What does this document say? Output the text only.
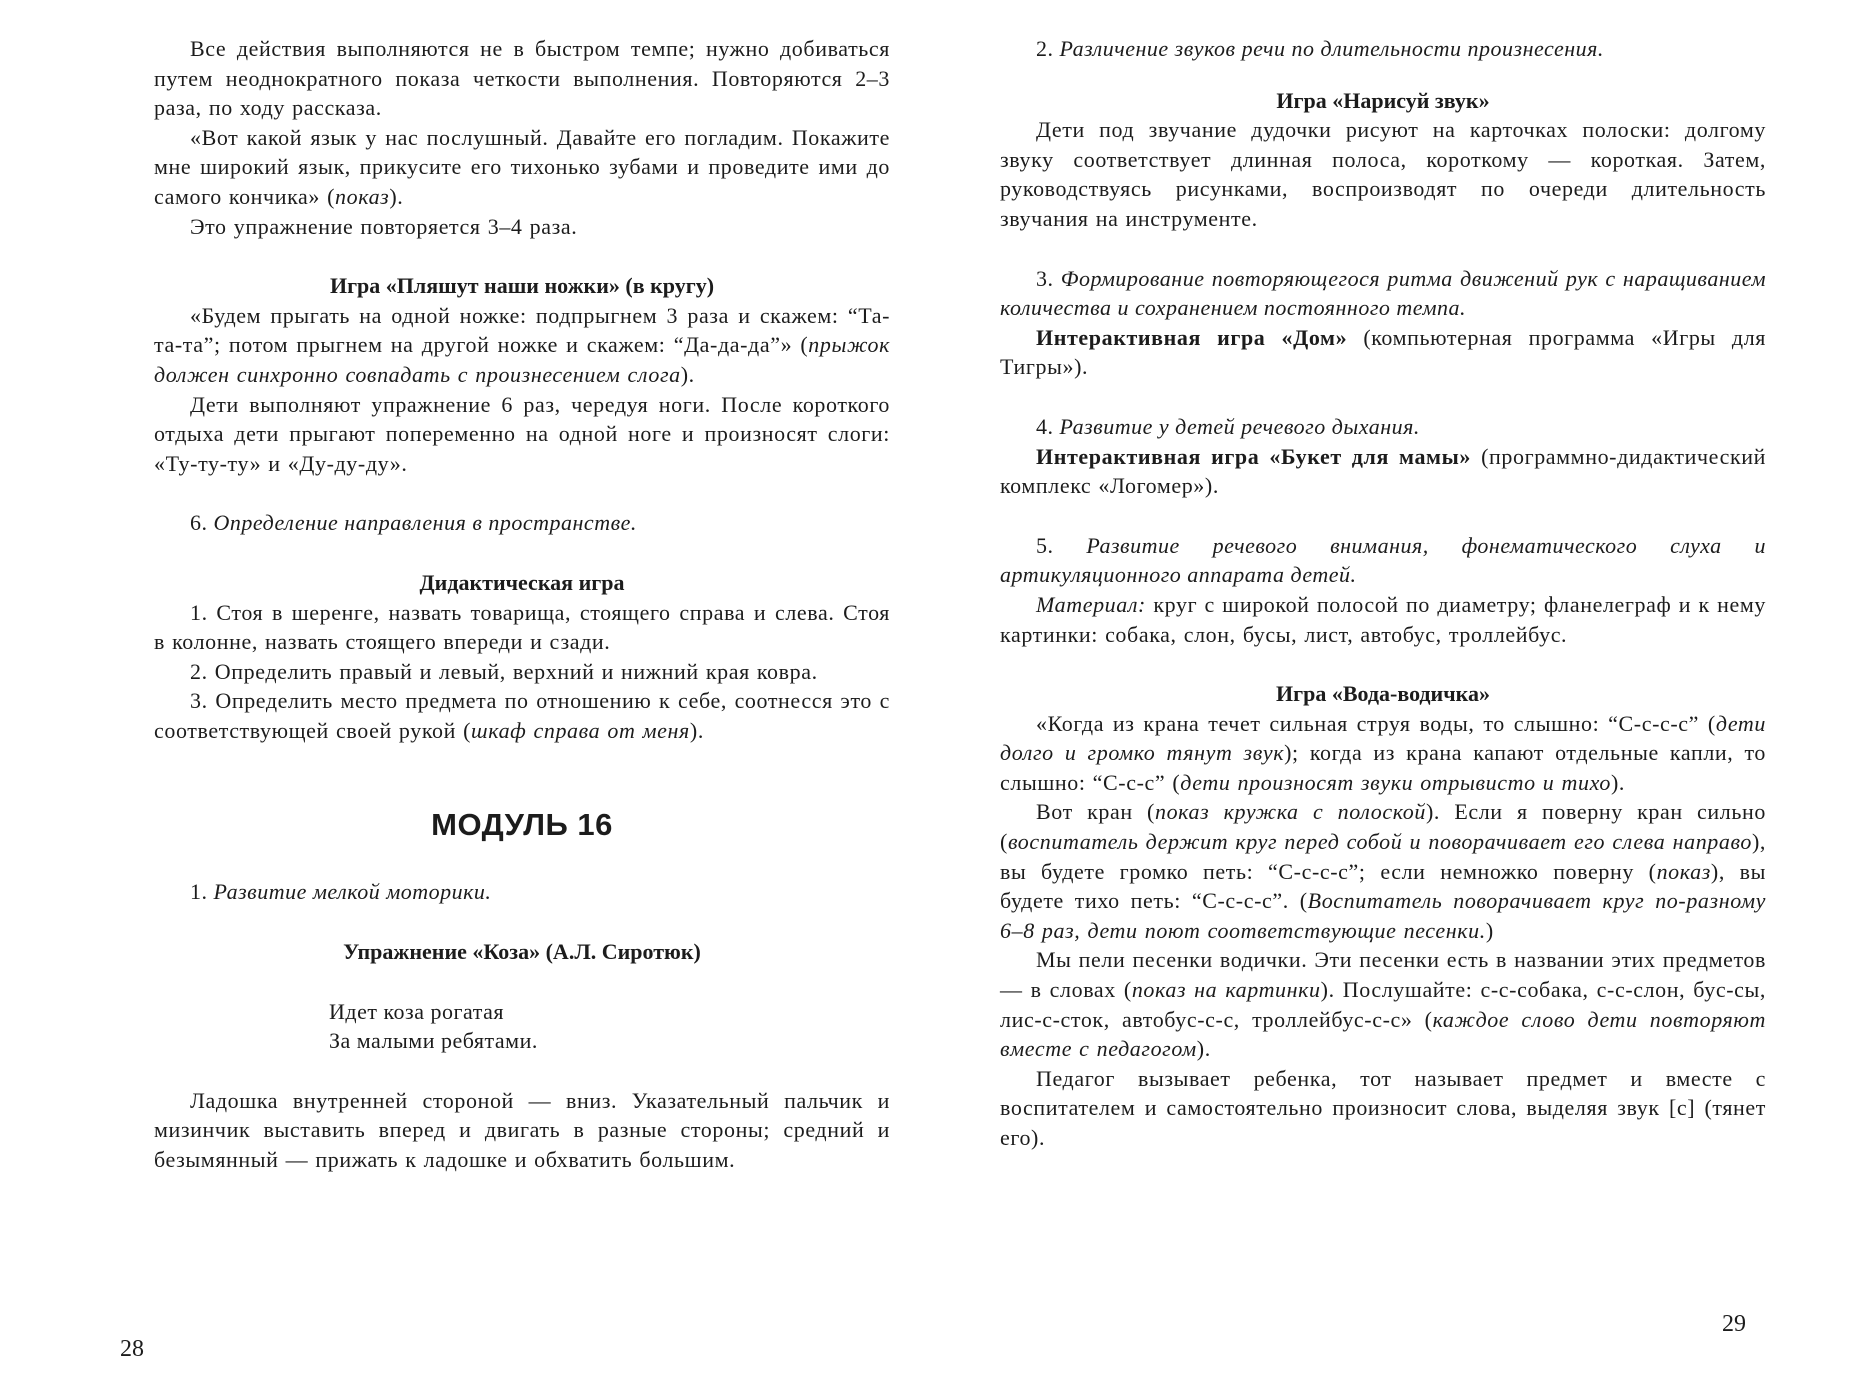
Все действия выполняются не в быстром темпе; нужно добиваться путем неоднократного показа четкости выполнения. Повторяются 2–3 раза, по ходу рассказа.

«Вот какой язык у нас послушный. Давайте его погладим. Покажите мне широкий язык, прикусите его тихонько зубами и проведите ими до самого кончика» (показ).

Это упражнение повторяется 3–4 раза.

Игра «Пляшут наши ножки» (в кругу)

«Будем прыгать на одной ножке: подпрыгнем 3 раза и скажем: “Та-та-та”; потом прыгнем на другой ножке и скажем: “Да-да-да”» (прыжок должен синхронно совпадать с произнесением слога).

Дети выполняют упражнение 6 раз, чередуя ноги. После короткого отдыха дети прыгают попеременно на одной ноге и произносят слоги: «Ту-ту-ту» и «Ду-ду-ду».

6. Определение направления в пространстве.

Дидактическая игра

1. Стоя в шеренге, назвать товарища, стоящего справа и слева. Стоя в колонне, назвать стоящего впереди и сзади.

2. Определить правый и левый, верхний и нижний края ковра.

3. Определить место предмета по отношению к себе, соотнесся это с соответствующей своей рукой (шкаф справа от меня).

МОДУЛЬ 16

1. Развитие мелкой моторики.

Упражнение «Коза» (А.Л. Сиротюк)

Идет коза рогатая

За малыми ребятами.

Ладошка внутренней стороной — вниз. Указательный пальчик и мизинчик выставить вперед и двигать в разные стороны; средний и безымянный — прижать к ладошке и обхватить большим.

28

2. Различение звуков речи по длительности произнесения.

Игра «Нарисуй звук»

Дети под звучание дудочки рисуют на карточках полоски: долгому звуку соответствует длинная полоса, короткому — короткая. Затем, руководствуясь рисунками, воспроизводят по очереди длительность звучания на инструменте.

3. Формирование повторяющегося ритма движений рук с наращиванием количества и сохранением постоянного темпа.

Интерактивная игра «Дом» (компьютерная программа «Игры для Тигры»).

4. Развитие у детей речевого дыхания.

Интерактивная игра «Букет для мамы» (программно-дидактический комплекс «Логомер»).

5. Развитие речевого внимания, фонематического слуха и артикуляционного аппарата детей.

Материал: круг с широкой полосой по диаметру; фланелеграф и к нему картинки: собака, слон, бусы, лист, автобус, троллейбус.

Игра «Вода-водичка»

«Когда из крана течет сильная струя воды, то слышно: “С-с-с-с” (дети долго и громко тянут звук); когда из крана капают отдельные капли, то слышно: “С-с-с” (дети произносят звуки отрывисто и тихо).

Вот кран (показ кружка с полоской). Если я поверну кран сильно (воспитатель держит круг перед собой и поворачивает его слева направо), вы будете громко петь: “С-с-с-с”; если немножко поверну (показ), вы будете тихо петь: “С-с-с-с”. (Воспитатель поворачивает круг по-разному 6–8 раз, дети поют соответствующие песенки.)

Мы пели песенки водички. Эти песенки есть в названии этих предметов — в словах (показ на картинки). Послушайте: с-с-собака, с-с-слон, бус-сы, лис-с-сток, автобус-с-с, троллейбус-с-с» (каждое слово дети повторяют вместе с педагогом).

Педагог вызывает ребенка, тот называет предмет и вместе с воспитателем и самостоятельно произносит слова, выделяя звук [с] (тянет его).

29
